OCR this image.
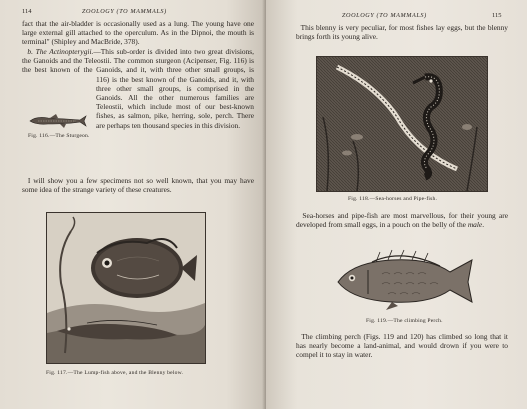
114	ZOOLOGY (TO MAMMALS)

fact that the air-bladder is occasionally used as a lung. The young have one large external gill attached to the operculum. As in the Dipnoi, the mouth is terminal" (Shipley and MacBride, 378).

b. The Actinopterygii.—This sub-order is divided into two great divisions, the Ganoids and the Teleostii. The common sturgeon (Acipenser, Fig. 116) is the best known of the Ganoids, and it, with three other small groups, is

Fig. 116.—The Sturgeon.

116) is the best known of the Ganoids, and it, with three other small groups, is comprised in the Ganoids. All the other numerous families are Teleostii, which include most of our best-known fishes, as salmon, pike, herring, sole, perch. There are perhaps ten thousand species in this division.

I will show you a few specimens not so well known, that you may have some idea of the strange variety of these creatures.

Fig. 117.—The Lump-fish above, and the Blenny below.
ZOOLOGY (TO MAMMALS)	115

This blenny is very peculiar, for most fishes lay eggs, but the blenny brings forth its young alive.

Fig. 118.—Sea-horses and Pipe-fish.

Sea-horses and pipe-fish are most marvellous, for their young are developed from small eggs, in a pouch on the belly of the male.

Fig. 119.—The climbing Perch.

The climbing perch (Figs. 119 and 120) has climbed so long that it has nearly become a land-animal, and would drown if you were to compel it to stay in water.
